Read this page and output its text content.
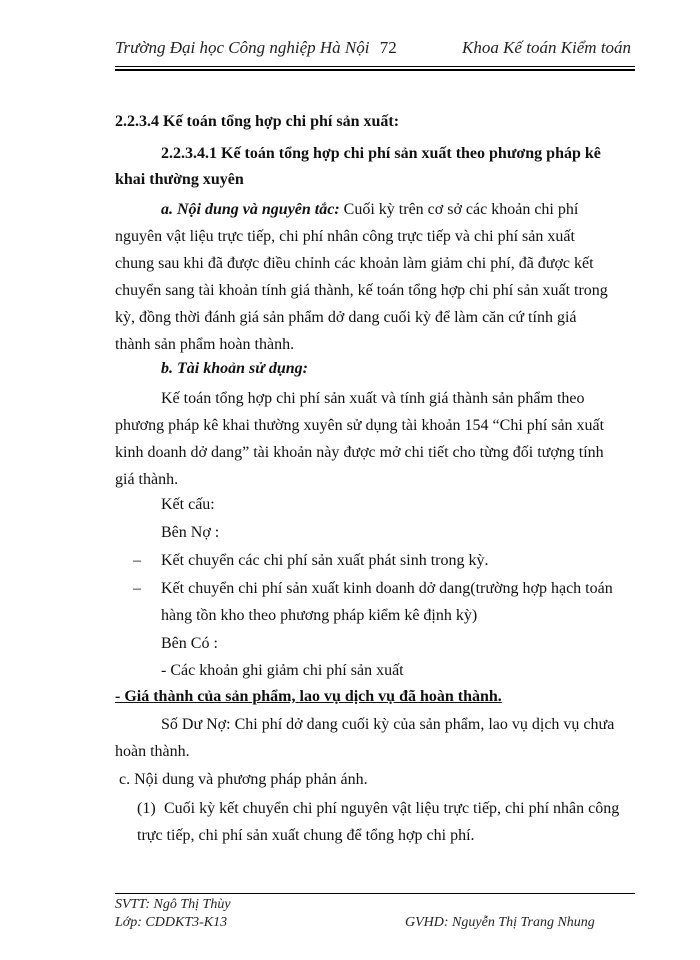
Trường Đại học Công nghiệp Hà Nội 72	Khoa Kế toán Kiểm toán
2.2.3.4 Kế toán tổng hợp chi phí sản xuất:
2.2.3.4.1 Kế toán tổng hợp chi phí sản xuất theo phương pháp kê
khai thường xuyên
a. Nội dung và nguyên tắc: Cuối kỳ trên cơ sở các khoản chi phí
nguyên vật liệu trực tiếp, chi phí nhân công trực tiếp và chi phí sản xuất
chung sau khi đã được điều chỉnh các khoản làm giảm chi phí, đã được kết
chuyển sang tài khoản tính giá thành, kế toán tổng hợp chi phí sản xuất trong
kỳ, đồng thời đánh giá sản phẩm dở dang cuối kỳ để làm căn cứ tính giá
thành sản phẩm hoàn thành.
b. Tài khoản sử dụng:
Kế toán tổng hợp chi phí sản xuất và tính giá thành sản phẩm theo
phương pháp kê khai thường xuyên sử dụng tài khoản 154 “Chi phí sản xuất
kinh doanh dở dang” tài khoản này được mở chi tiết cho từng đối tượng tính
giá thành.
Kết cấu:
Bên Nợ :
– Kết chuyển các chi phí sản xuất phát sinh trong kỳ.
– Kết chuyển chi phí sản xuất kinh doanh dở dang(trường hợp hạch toán
hàng tồn kho theo phương pháp kiểm kê định kỳ)
Bên Có :
- Các khoản ghi giảm chi phí sản xuất
- Giá thành của sản phẩm, lao vụ dịch vụ đã hoàn thành.
Số Dư Nợ: Chi phí dở dang cuối kỳ của sản phẩm, lao vụ dịch vụ chưa
hoàn thành.
c. Nội dung và phương pháp phản ánh.
(1) Cuối kỳ kết chuyển chi phí nguyên vật liệu trực tiếp, chi phí nhân công
trực tiếp, chi phí sản xuất chung để tổng hợp chi phí.
SVTT: Ngô Thị Thùy
Lớp: CDDKT3-K13	GVHD: Nguyễn Thị Trang Nhung
